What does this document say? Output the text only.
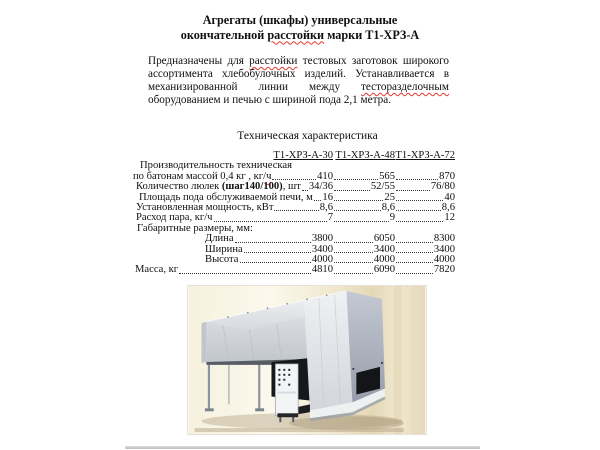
Агрегаты (шкафы) универсальные
окончательной расстойки марки Т1-ХРЗ-А
Предназначены для расстойки тестовых заготовок широкого
ассортимента хлебобулочных изделий. Устанавливается в
механизированной линии между тесторазделочным
оборудованием и печью с шириной пода 2,1 метра.
Техническая характеристика
Т1-ХРЗ-А-30 Т1-ХРЗ-А-48 Т1-ХРЗ-А-72
Производительность техническая
по батонам массой 0,4 кг , кг/ч	410	565	870
Количество люлек (шаг140/100), шт 34/36	52/55	76/80
Площадь пода обслуживаемой печи, м 16	25	40
Установленная мощность, кВт	8,6	8,6	8,6
Расход пара, кг/ч	7	9	12
Габаритные размеры, мм:
Длина	3800	6050	8300
Ширина	3400	3400	3400
Высота	4000	4000	4000
Масса, кг	4810	6090	7820
